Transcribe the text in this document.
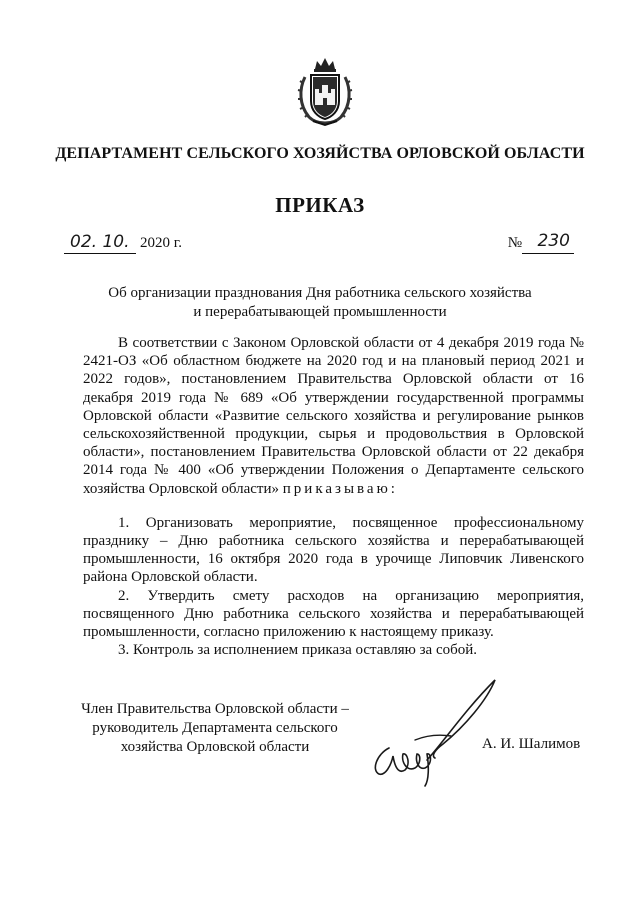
ДЕПАРТАМЕНТ СЕЛЬСКОГО ХОЗЯЙСТВА ОРЛОВСКОЙ ОБЛАСТИ
ПРИКАЗ
02. 10. 2020 г.	№ 230
Об организации празднования Дня работника сельского хозяйства
и перерабатывающей промышленности

В соответствии с Законом Орловской области от 4 декабря 2019 года № 2421-ОЗ «Об областном бюджете на 2020 год и на плановый период 2021 и 2022 годов», постановлением Правительства Орловской области от 16 декабря 2019 года № 689 «Об утверждении государственной программы Орловской области «Развитие сельского хозяйства и регулирование рынков сельскохозяйственной продукции, сырья и продовольствия в Орловской области», постановлением Правительства Орловской области от 22 декабря 2014 года № 400 «Об утверждении Положения о Департаменте сельского хозяйства Орловской области» приказываю:

1. Организовать мероприятие, посвященное профессиональному празднику – Дню работника сельского хозяйства и перерабатывающей промышленности, 16 октября 2020 года в урочище Липовчик Ливенского района Орловской области.

2. Утвердить смету расходов на организацию мероприятия, посвященного Дню работника сельского хозяйства и перерабатывающей промышленности, согласно приложению к настоящему приказу.

3. Контроль за исполнением приказа оставляю за собой.

Член Правительства Орловской области –
руководитель Департамента сельского
хозяйства Орловской области	А. И. Шалимов
